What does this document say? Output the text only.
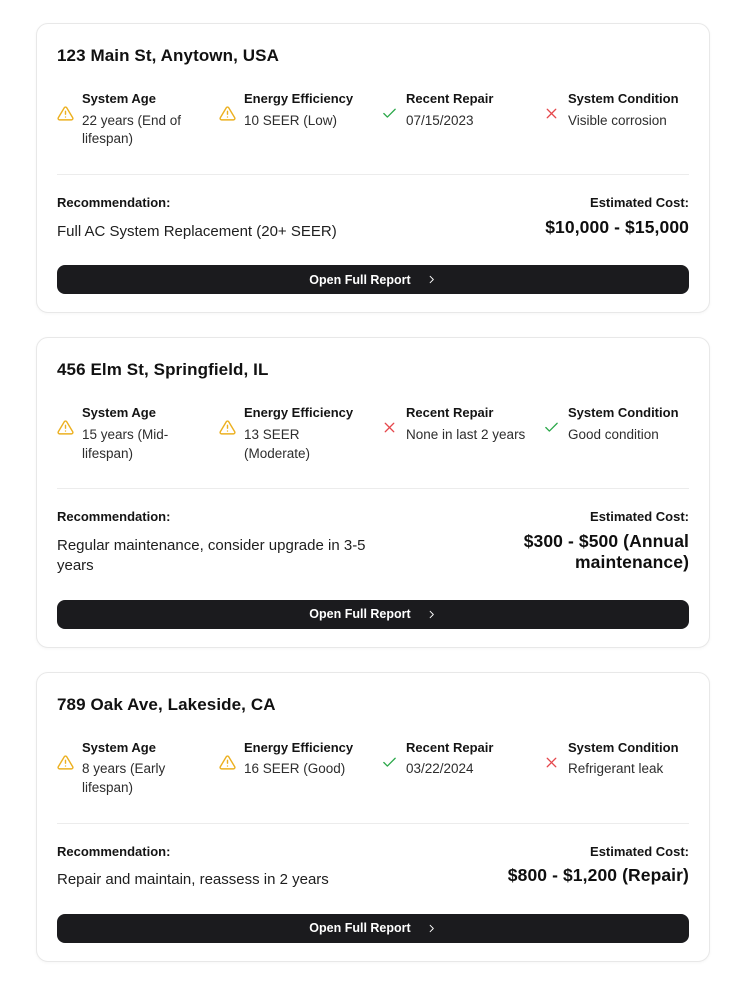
123 Main St, Anytown, USA
System Age
22 years (End of lifespan)
Energy Efficiency
10 SEER (Low)
Recent Repair
07/15/2023
System Condition
Visible corrosion
Recommendation:
Full AC System Replacement (20+ SEER)
Estimated Cost:
$10,000 - $15,000
Open Full Report
456 Elm St, Springfield, IL
System Age
15 years (Mid-lifespan)
Energy Efficiency
13 SEER (Moderate)
Recent Repair
None in last 2 years
System Condition
Good condition
Recommendation:
Regular maintenance, consider upgrade in 3-5 years
Estimated Cost:
$300 - $500 (Annual maintenance)
Open Full Report
789 Oak Ave, Lakeside, CA
System Age
8 years (Early lifespan)
Energy Efficiency
16 SEER (Good)
Recent Repair
03/22/2024
System Condition
Refrigerant leak
Recommendation:
Repair and maintain, reassess in 2 years
Estimated Cost:
$800 - $1,200 (Repair)
Open Full Report
